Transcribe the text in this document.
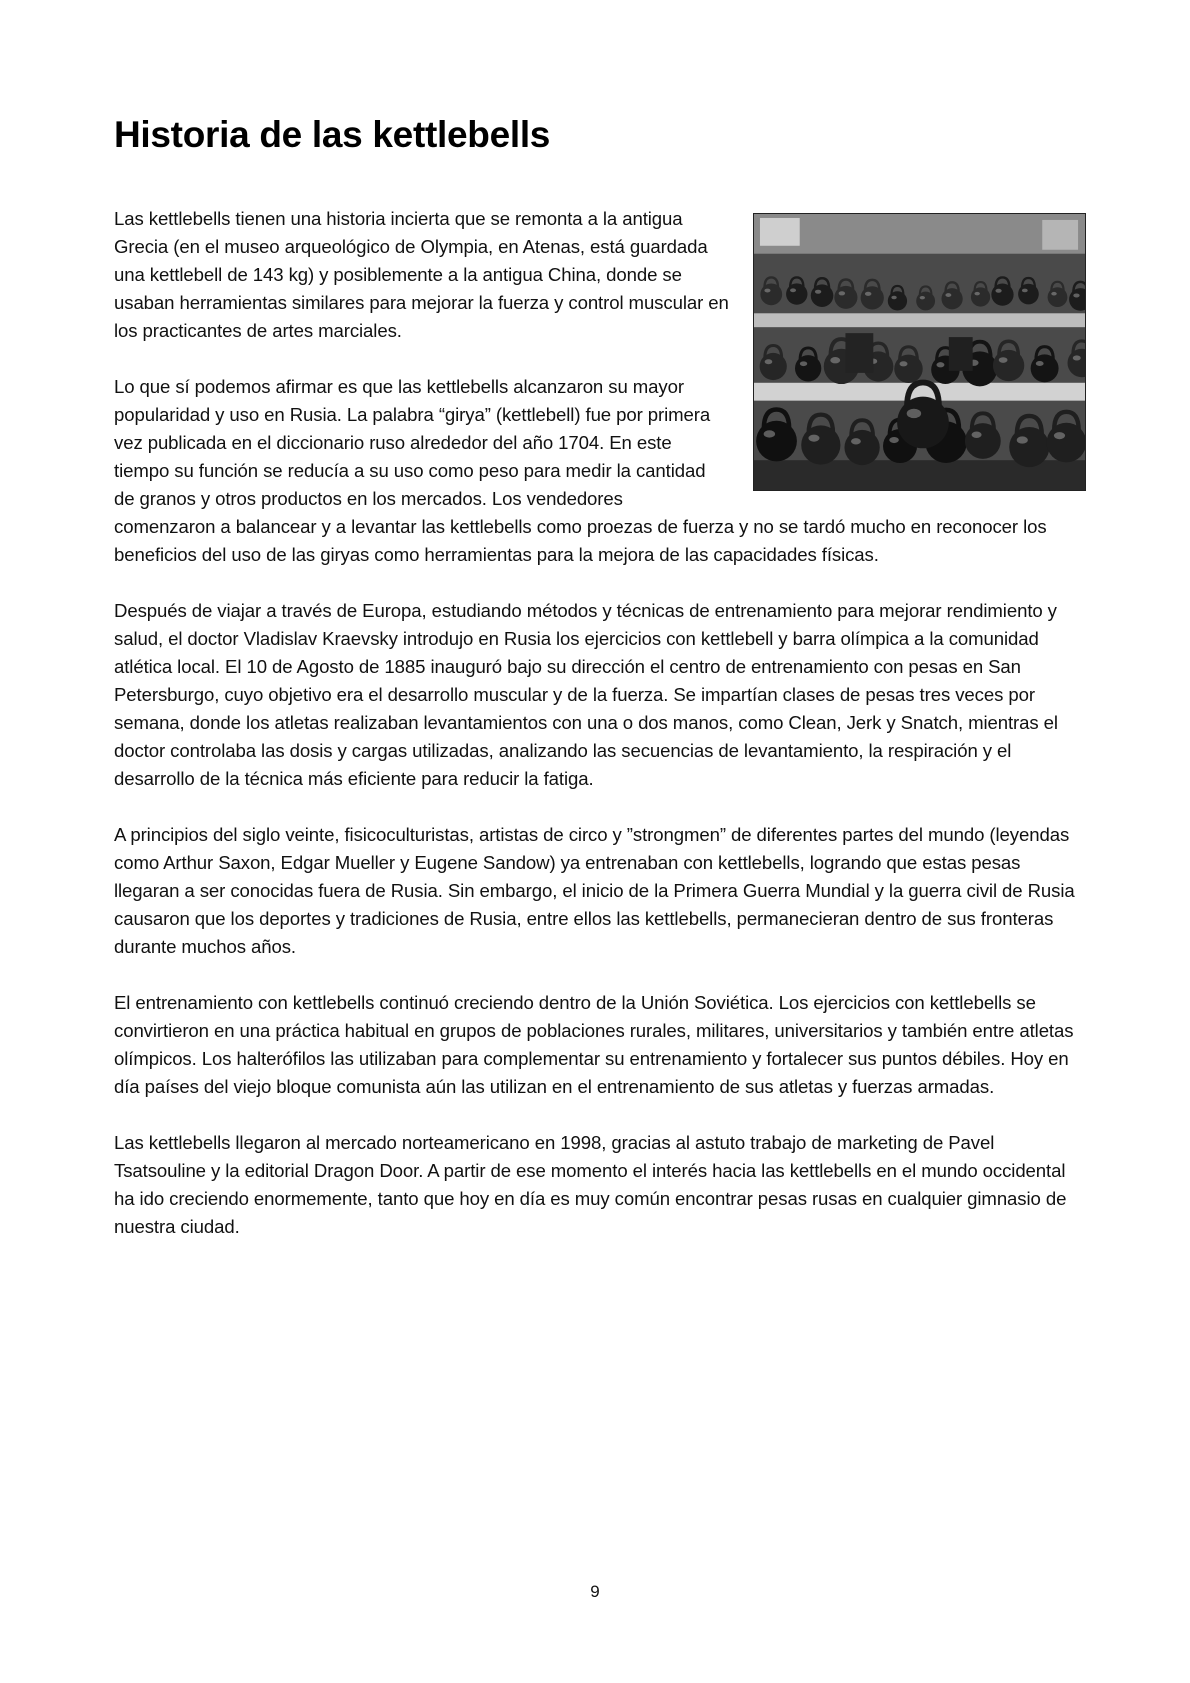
Historia de las kettlebells

Las kettlebells tienen una historia incierta que se remonta a la antigua Grecia (en el museo arqueológico de Olympia, en Atenas, está guardada una kettlebell de 143 kg) y posiblemente a la antigua China, donde se usaban herramientas similares para mejorar la fuerza y control muscular en los practicantes de artes marciales.

Lo que sí podemos afirmar es que las kettlebells alcanzaron su mayor popularidad y uso en Rusia. La palabra “girya” (kettlebell) fue por primera vez publicada en el diccionario ruso alrededor del año 1704. En este tiempo su función se reducía a su uso como peso para medir la cantidad de granos y otros productos en los mercados. Los vendedores comenzaron a balancear y a levantar las kettlebells como proezas de fuerza y no se tardó mucho en reconocer los beneficios del uso de las giryas como herramientas para la mejora de las capacidades físicas.

Después de viajar a través de Europa, estudiando métodos y técnicas de entrenamiento para mejorar rendimiento y salud, el doctor Vladislav Kraevsky introdujo en Rusia los ejercicios con kettlebell y barra olímpica a la comunidad atlética local. El 10 de Agosto de 1885 inauguró bajo su dirección el centro de entrenamiento con pesas en San Petersburgo, cuyo objetivo era el desarrollo muscular y de la fuerza. Se impartían clases de pesas tres veces por semana, donde los atletas realizaban levantamientos con una o dos manos, como Clean, Jerk y Snatch, mientras el doctor controlaba las dosis y cargas utilizadas, analizando las secuencias de levantamiento, la respiración y el desarrollo de la técnica más eficiente para reducir la fatiga.

A principios del siglo veinte, fisicoculturistas, artistas de circo y ”strongmen” de diferentes partes del mundo (leyendas como Arthur Saxon, Edgar Mueller y Eugene Sandow) ya entrenaban con kettlebells, logrando que estas pesas llegaran a ser conocidas fuera de Rusia. Sin embargo, el inicio de la Primera Guerra Mundial y la guerra civil de Rusia causaron que los deportes y tradiciones de Rusia, entre ellos las kettlebells, permanecieran dentro de sus fronteras durante muchos años.

El entrenamiento con kettlebells continuó creciendo dentro de la Unión Soviética. Los ejercicios con kettlebells se convirtieron en una práctica habitual en grupos de poblaciones rurales, militares, universitarios y también entre atletas olímpicos. Los halterófilos las utilizaban para complementar su entrenamiento y fortalecer sus puntos débiles. Hoy en día países del viejo bloque comunista aún las utilizan en el entrenamiento de sus atletas y fuerzas armadas.

Las kettlebells llegaron al mercado norteamericano en 1998, gracias al astuto trabajo de marketing de Pavel Tsatsouline y la editorial Dragon Door. A partir de ese momento el interés hacia las kettlebells en el mundo occidental ha ido creciendo enormemente, tanto que hoy en día es muy común encontrar pesas rusas en cualquier gimnasio de nuestra ciudad.

9
